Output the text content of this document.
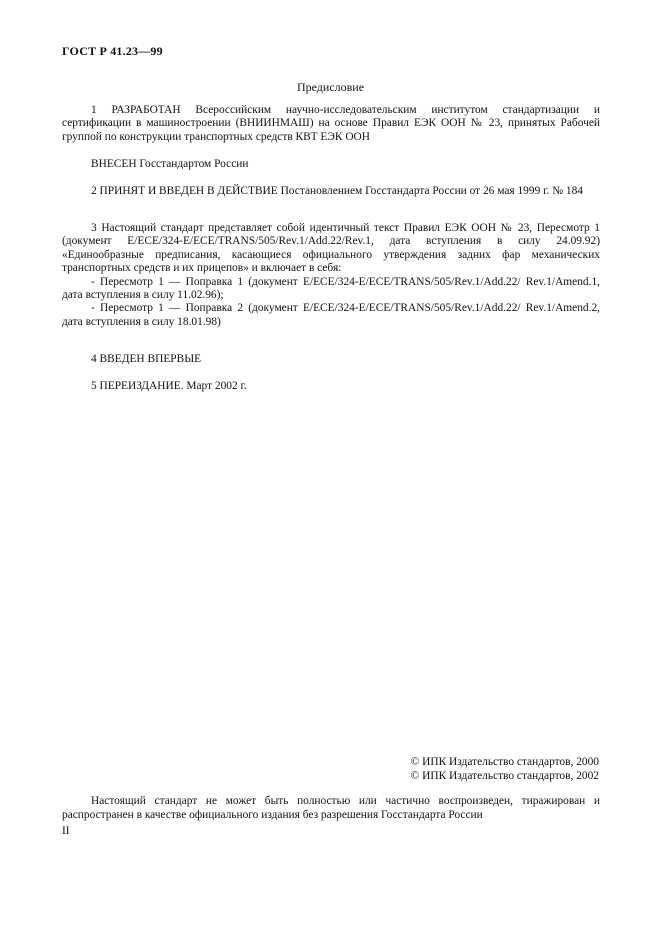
ГОСТ Р 41.23—99
Предисловие

1 РАЗРАБОТАН Всероссийским научно-исследовательским институтом стандартизации и сертификации в машиностроении (ВНИИНМАШ) на основе Правил ЕЭК ООН № 23, принятых Рабочей группой по конструкции транспортных средств КВТ ЕЭК ООН

ВНЕСЕН Госстандартом России

2 ПРИНЯТ И ВВЕДЕН В ДЕЙСТВИЕ Постановлением Госстандарта России от 26 мая 1999 г. № 184

3 Настоящий стандарт представляет собой идентичный текст Правил ЕЭК ООН № 23, Пересмотр 1 (документ E/ECE/324-E/ECE/TRANS/505/Rev.1/Add.22/Rev.1, дата вступления в силу 24.09.92) «Единообразные предписания, касающиеся официального утверждения задних фар механических транспортных средств и их прицепов» и включает в себя:

- Пересмотр 1 — Поправка 1 (документ E/ECE/324-E/ECE/TRANS/505/Rev.1/Add.22/ Rev.1/Amend.1, дата вступления в силу 11.02.96);

- Пересмотр 1 — Поправка 2 (документ E/ECE/324-E/ECE/TRANS/505/Rev.1/Add.22/ Rev.1/Amend.2, дата вступления в силу 18.01.98)

4 ВВЕДЕН ВПЕРВЫЕ

5 ПЕРЕИЗДАНИЕ. Март 2002 г.

© ИПК Издательство стандартов, 2000
© ИПК Издательство стандартов, 2002

Настоящий стандарт не может быть полностью или частично воспроизведен, тиражирован и распространен в качестве официального издания без разрешения Госстандарта России

II
